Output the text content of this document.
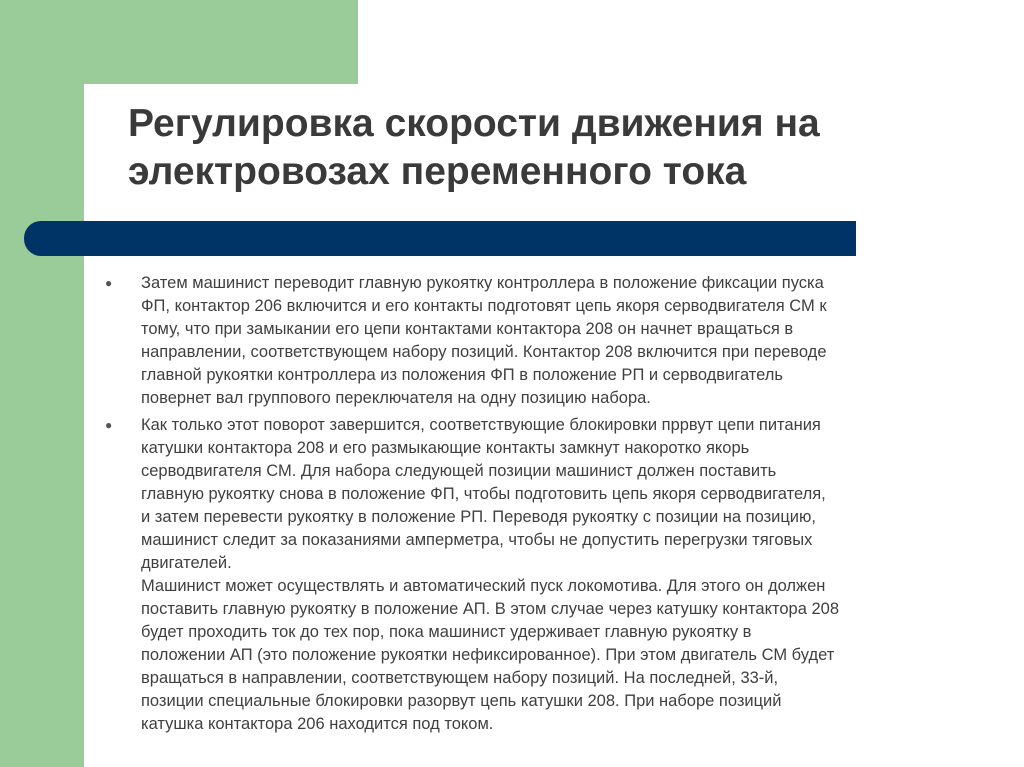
Регулировка скорости движения на
электровозах переменного тока
●	Затем машинист переводит главную рукоятку контроллера в положение фиксации пуска
ФП, контактор 206 включится и его контакты подготовят цепь якоря серводвигателя СМ к
тому, что при замыкании его цепи контактами контактора 208 он начнет вращаться в
направлении, соответствующем набору позиций. Контактор 208 включится при переводе
главной рукоятки контроллера из положения ФП в положение РП и серводвигатель
повернет вал группового переключателя на одну позицию набора.
●	Как только этот поворот завершится, соответствующие блокировки пррвут цепи питания
катушки контактора 208 и его размыкающие контакты замкнут накоротко якорь
серводвигателя СМ. Для набора следующей позиции машинист должен поставить
главную рукоятку снова в положение ФП, чтобы подготовить цепь якоря серводвигателя,
и затем перевести рукоятку в положение РП. Переводя рукоятку с позиции на позицию,
машинист следит за показаниями амперметра, чтобы не допустить перегрузки тяговых
двигателей.
Машинист может осуществлять и автоматический пуск локомотива. Для этого он должен
поставить главную рукоятку в положение АП. В этом случае через катушку контактора 208
будет проходить ток до тех пор, пока машинист удерживает главную рукоятку в
положении АП (это положение рукоятки нефиксированное). При этом двигатель СМ будет
вращаться в направлении, соответствующем набору позиций. На последней, 33-й,
позиции специальные блокировки разорвут цепь катушки 208. При наборе позиций
катушка контактора 206 находится под током.
